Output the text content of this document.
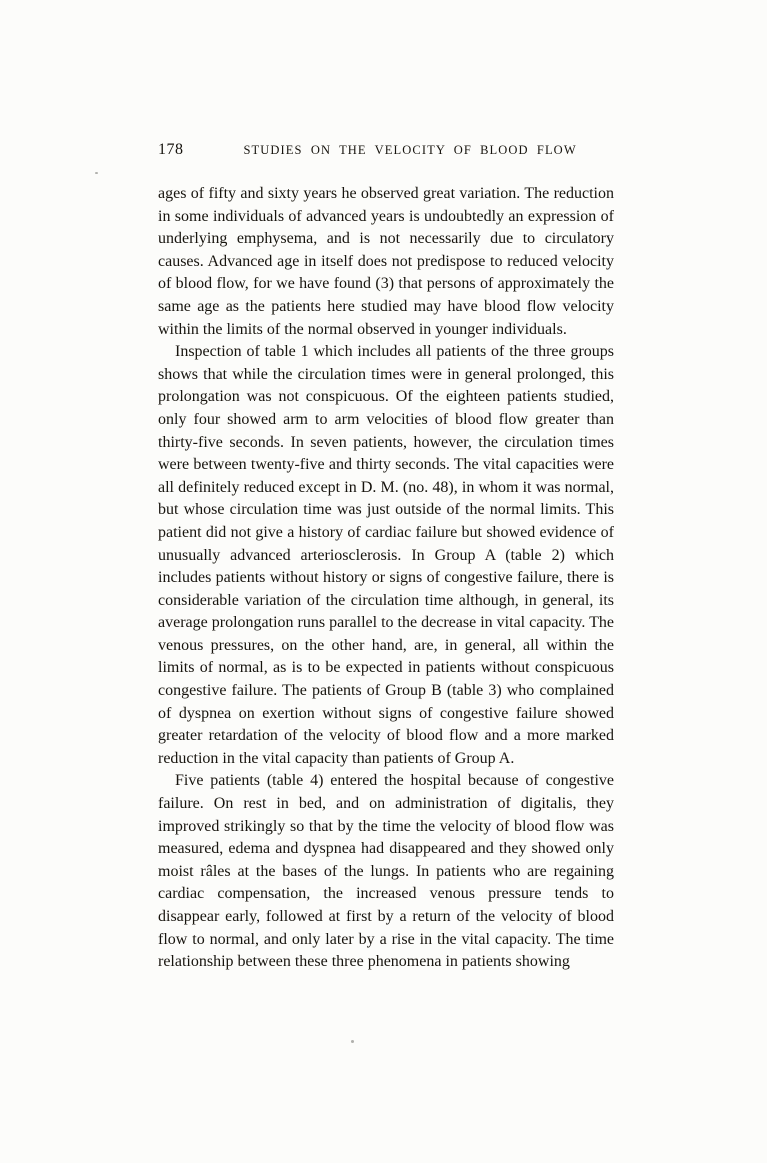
178	STUDIES ON THE VELOCITY OF BLOOD FLOW

ages of fifty and sixty years he observed great variation. The reduction in some individuals of advanced years is undoubtedly an expression of underlying emphysema, and is not necessarily due to circulatory causes. Advanced age in itself does not predispose to reduced velocity of blood flow, for we have found (3) that persons of approximately the same age as the patients here studied may have blood flow velocity within the limits of the normal observed in younger individuals.

Inspection of table 1 which includes all patients of the three groups shows that while the circulation times were in general prolonged, this prolongation was not conspicuous. Of the eighteen patients studied, only four showed arm to arm velocities of blood flow greater than thirty-five seconds. In seven patients, however, the circulation times were between twenty-five and thirty seconds. The vital capacities were all definitely reduced except in D. M. (no. 48), in whom it was normal, but whose circulation time was just outside of the normal limits. This patient did not give a history of cardiac failure but showed evidence of unusually advanced arteriosclerosis. In Group A (table 2) which includes patients without history or signs of congestive failure, there is considerable variation of the circulation time although, in general, its average prolongation runs parallel to the decrease in vital capacity. The venous pressures, on the other hand, are, in general, all within the limits of normal, as is to be expected in patients without conspicuous congestive failure. The patients of Group B (table 3) who complained of dyspnea on exertion without signs of congestive failure showed greater retardation of the velocity of blood flow and a more marked reduction in the vital capacity than patients of Group A.

Five patients (table 4) entered the hospital because of congestive failure. On rest in bed, and on administration of digitalis, they improved strikingly so that by the time the velocity of blood flow was measured, edema and dyspnea had disappeared and they showed only moist râles at the bases of the lungs. In patients who are regaining cardiac compensation, the increased venous pressure tends to disappear early, followed at first by a return of the velocity of blood flow to normal, and only later by a rise in the vital capacity. The time relationship between these three phenomena in patients showing
